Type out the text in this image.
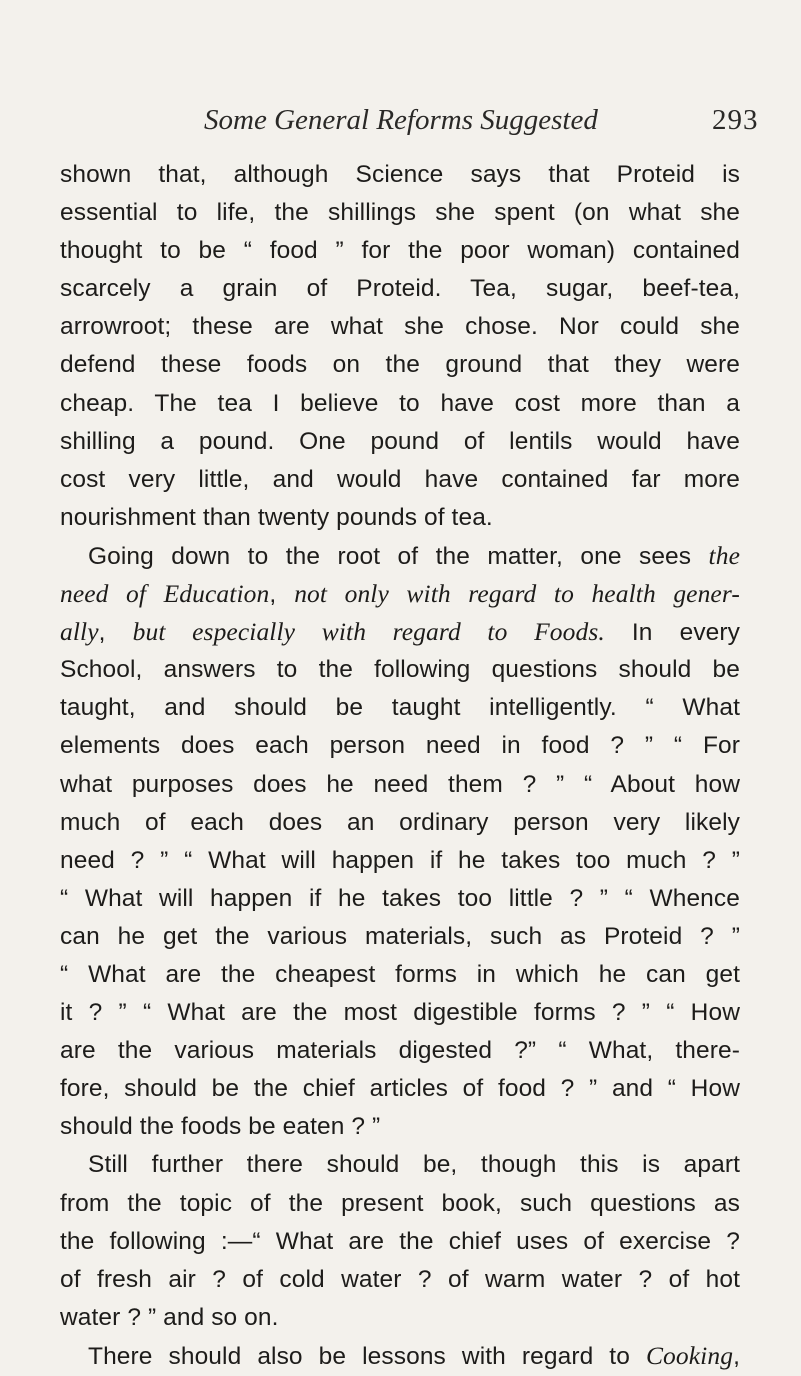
Some General Reforms Suggested	293
shown that, although Science says that Proteid is
essential to life, the shillings she spent (on what she
thought to be “ food ” for the poor woman) contained
scarcely a grain of Proteid. Tea, sugar, beef-tea,
arrowroot; these are what she chose. Nor could she
defend these foods on the ground that they were
cheap. The tea I believe to have cost more than a
shilling a pound. One pound of lentils would have
cost very little, and would have contained far more
nourishment than twenty pounds of tea.
Going down to the root of the matter, one sees the
need of Education, not only with regard to health gener-
ally, but especially with regard to Foods. In every
School, answers to the following questions should be
taught, and should be taught intelligently. “ What
elements does each person need in food ? ” “ For
what purposes does he need them ? ” “ About how
much of each does an ordinary person very likely
need ? ” “ What will happen if he takes too much ? ”
“ What will happen if he takes too little ? ” “ Whence
can he get the various materials, such as Proteid ? ”
“ What are the cheapest forms in which he can get
it ? ” “ What are the most digestible forms ? ” “ How
are the various materials digested ?” “ What, there-
fore, should be the chief articles of food ? ” and “ How
should the foods be eaten ? ”
Still further there should be, though this is apart
from the topic of the present book, such questions as
the following :—“ What are the chief uses of exercise ?
of fresh air ? of cold water ? of warm water ? of hot
water ? ” and so on.
There should also be lessons with regard to Cooking,
